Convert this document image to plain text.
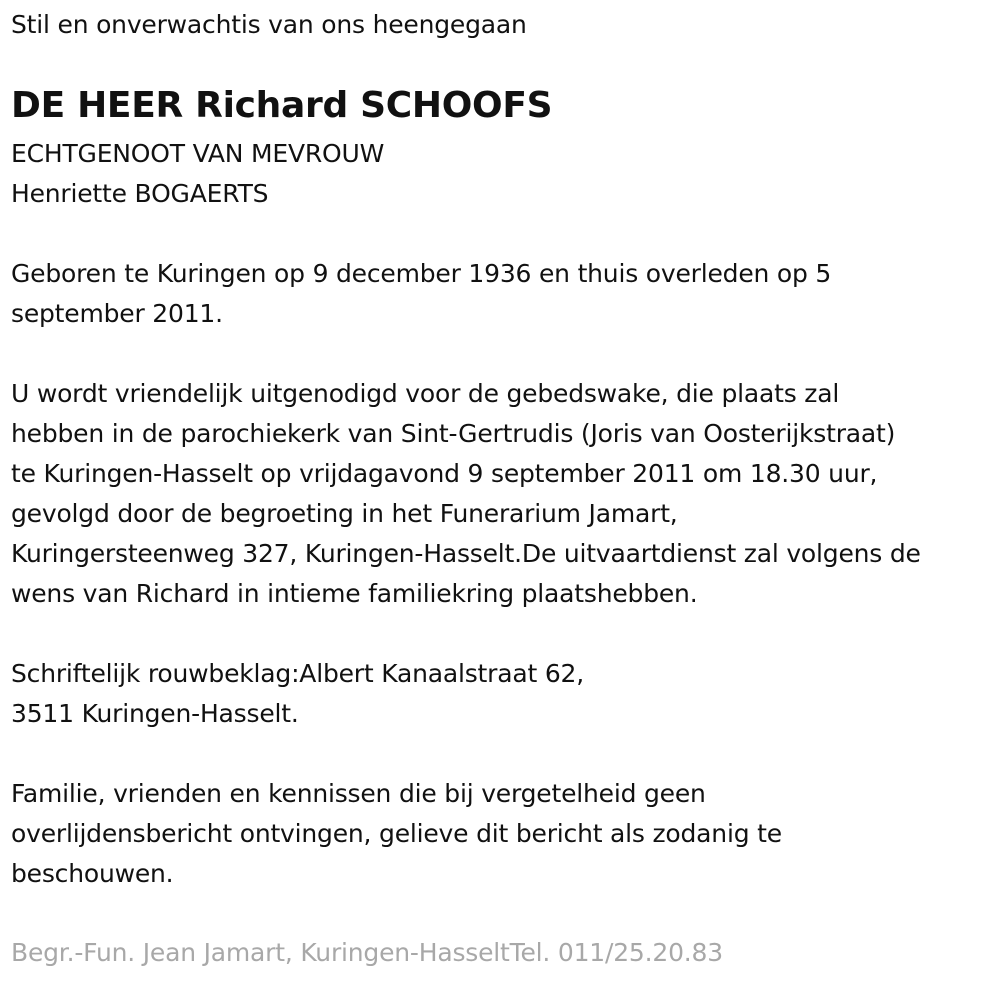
Stil en onverwachtis van ons heengegaan
DE HEER Richard SCHOOFS
ECHTGENOOT VAN MEVROUW
Henriette BOGAERTS
Geboren te Kuringen op 9 december 1936 en thuis overleden op 5
september 2011.
U wordt vriendelijk uitgenodigd voor de gebedswake, die plaats zal
hebben in de parochiekerk van Sint-Gertrudis (Joris van Oosterijkstraat)
te Kuringen-Hasselt op vrijdagavond 9 september 2011 om 18.30 uur,
gevolgd door de begroeting in het Funerarium Jamart,
Kuringersteenweg 327, Kuringen-Hasselt.De uitvaartdienst zal volgens de
wens van Richard in intieme familiekring plaatshebben.
Schriftelijk rouwbeklag:Albert Kanaalstraat 62,
3511 Kuringen-Hasselt.
Familie, vrienden en kennissen die bij vergetelheid geen
overlijdensbericht ontvingen, gelieve dit bericht als zodanig te
beschouwen.
Begr.-Fun. Jean Jamart, Kuringen-HasseltTel. 011/25.20.83
